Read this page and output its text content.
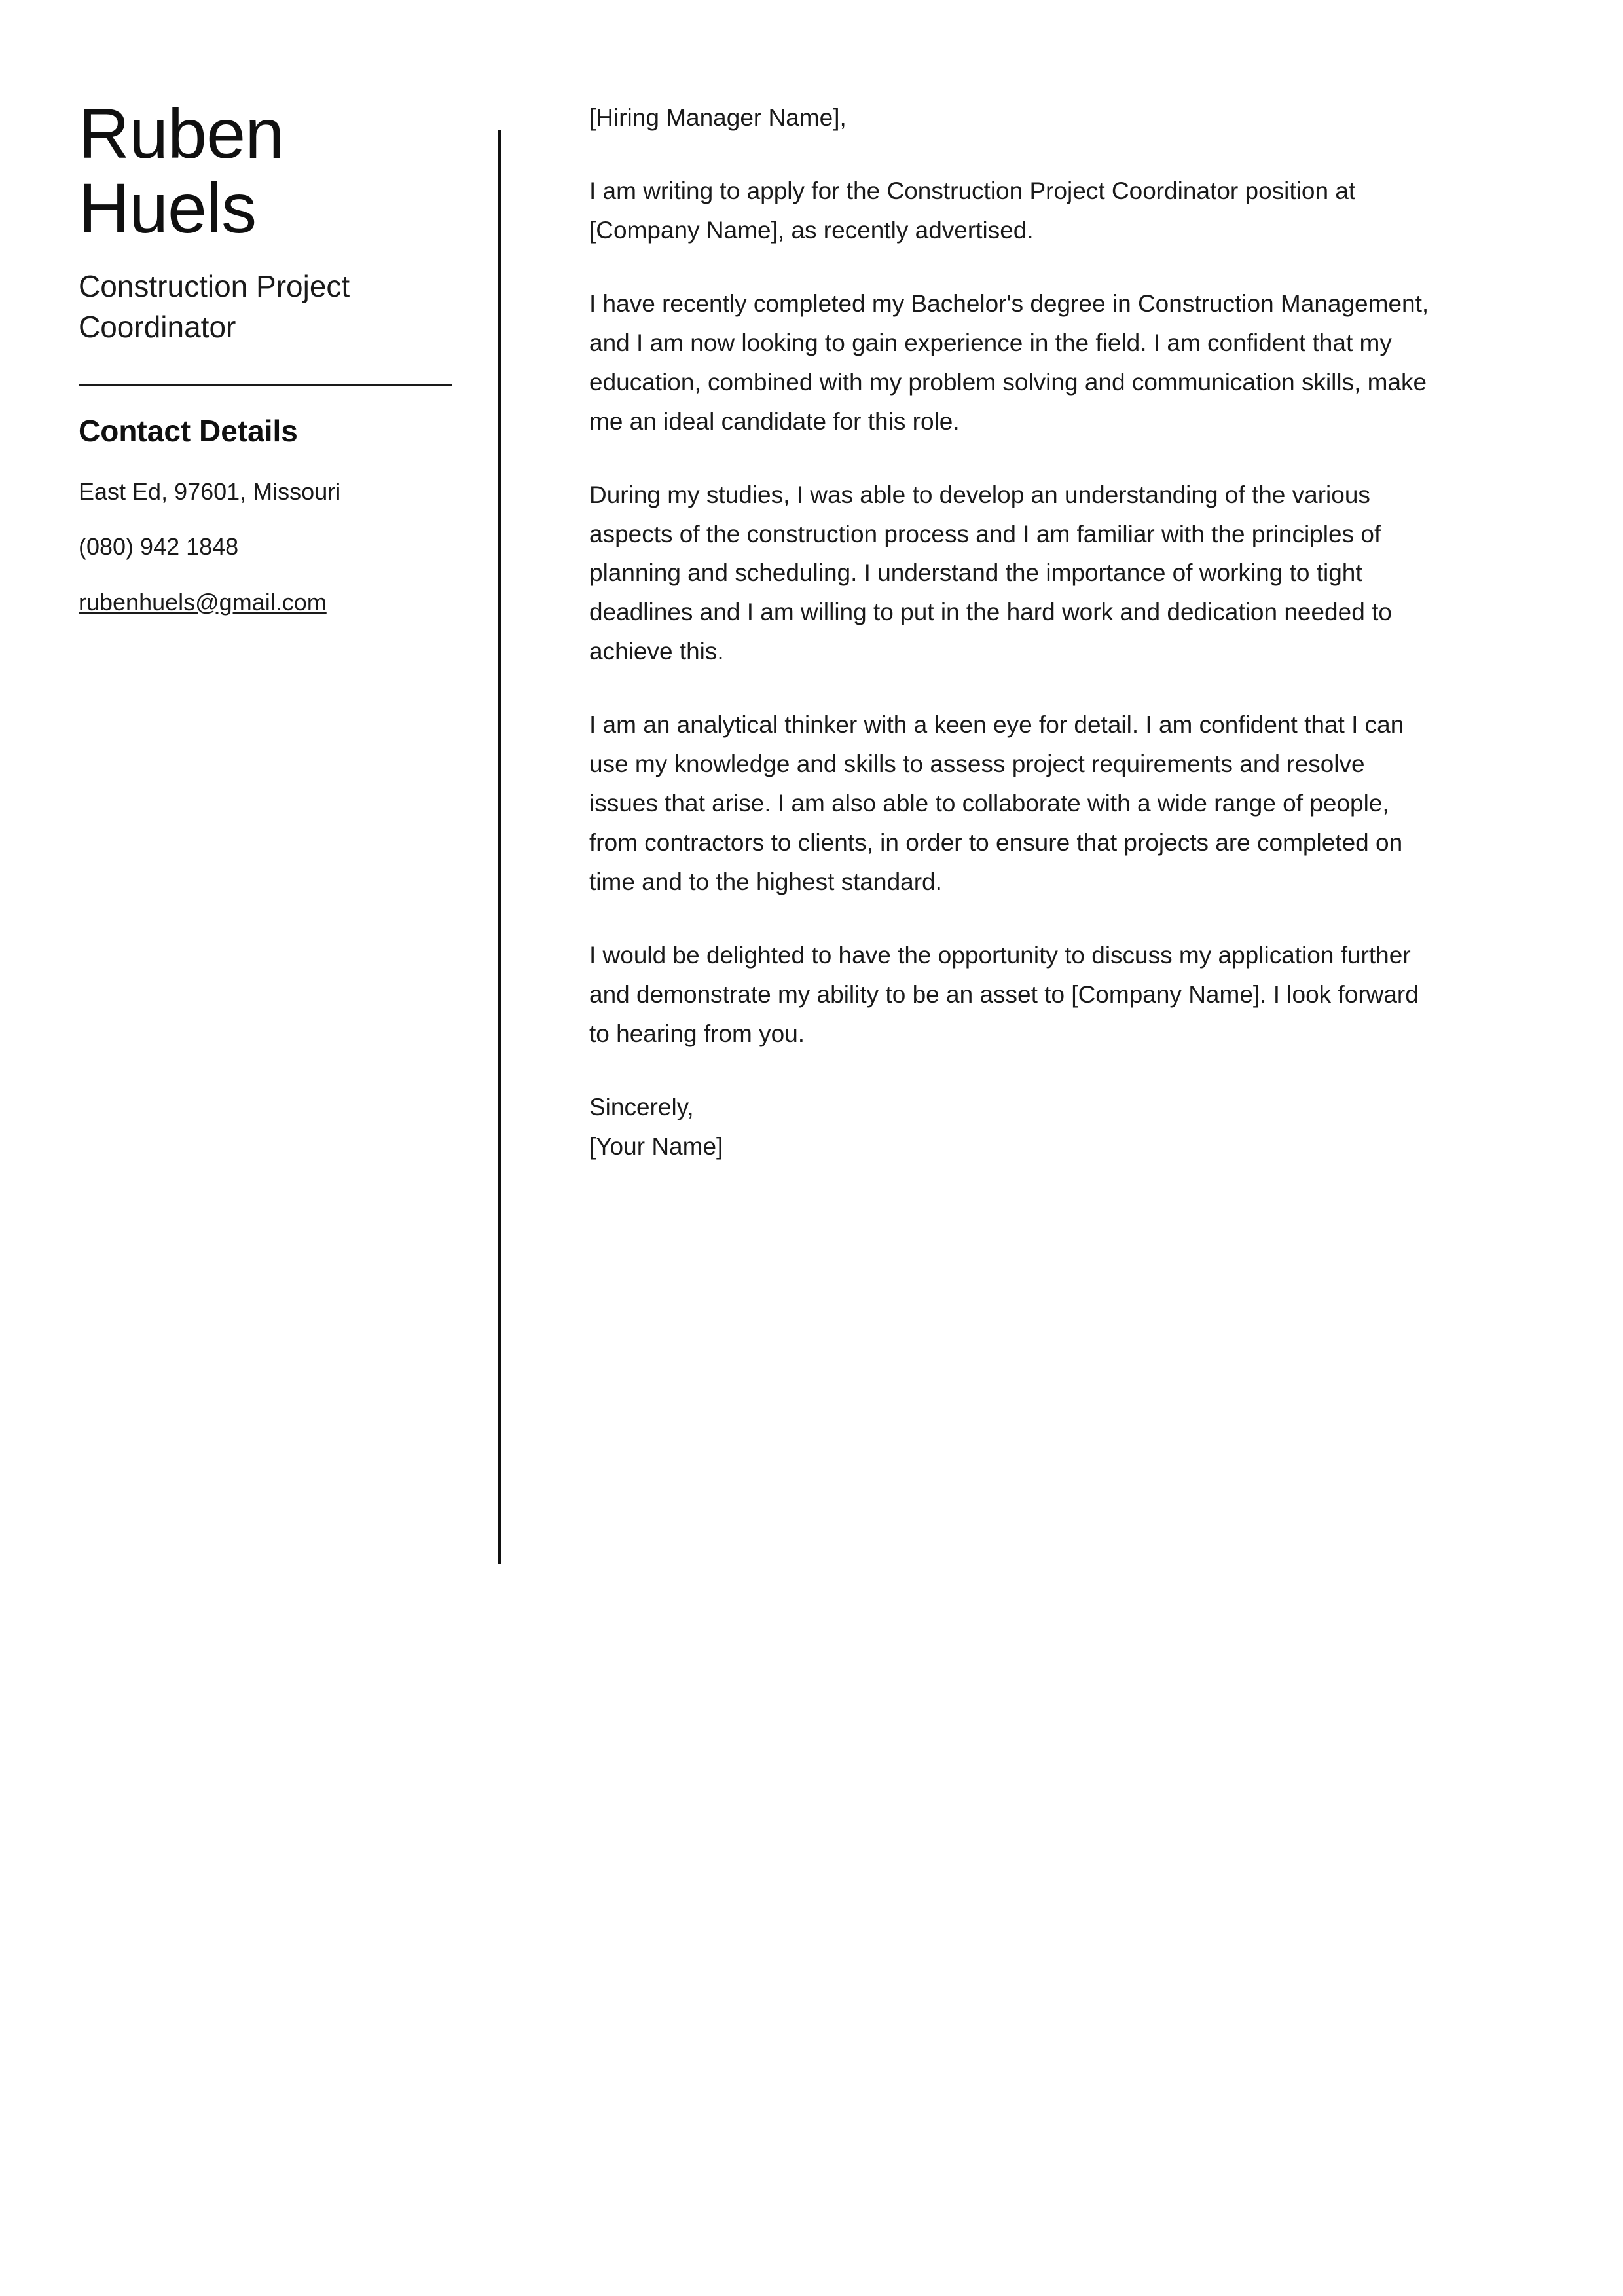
Ruben
Huels
Construction Project Coordinator
Contact Details
East Ed, 97601, Missouri
(080) 942 1848
rubenhuels@gmail.com

[Hiring Manager Name],

I am writing to apply for the Construction Project Coordinator position at [Company Name], as recently advertised.

I have recently completed my Bachelor's degree in Construction Management, and I am now looking to gain experience in the field. I am confident that my education, combined with my problem solving and communication skills, make me an ideal candidate for this role.

During my studies, I was able to develop an understanding of the various aspects of the construction process and I am familiar with the principles of planning and scheduling. I understand the importance of working to tight deadlines and I am willing to put in the hard work and dedication needed to achieve this.

I am an analytical thinker with a keen eye for detail. I am confident that I can use my knowledge and skills to assess project requirements and resolve issues that arise. I am also able to collaborate with a wide range of people, from contractors to clients, in order to ensure that projects are completed on time and to the highest standard.

I would be delighted to have the opportunity to discuss my application further and demonstrate my ability to be an asset to [Company Name]. I look forward to hearing from you.

Sincerely,

[Your Name]
